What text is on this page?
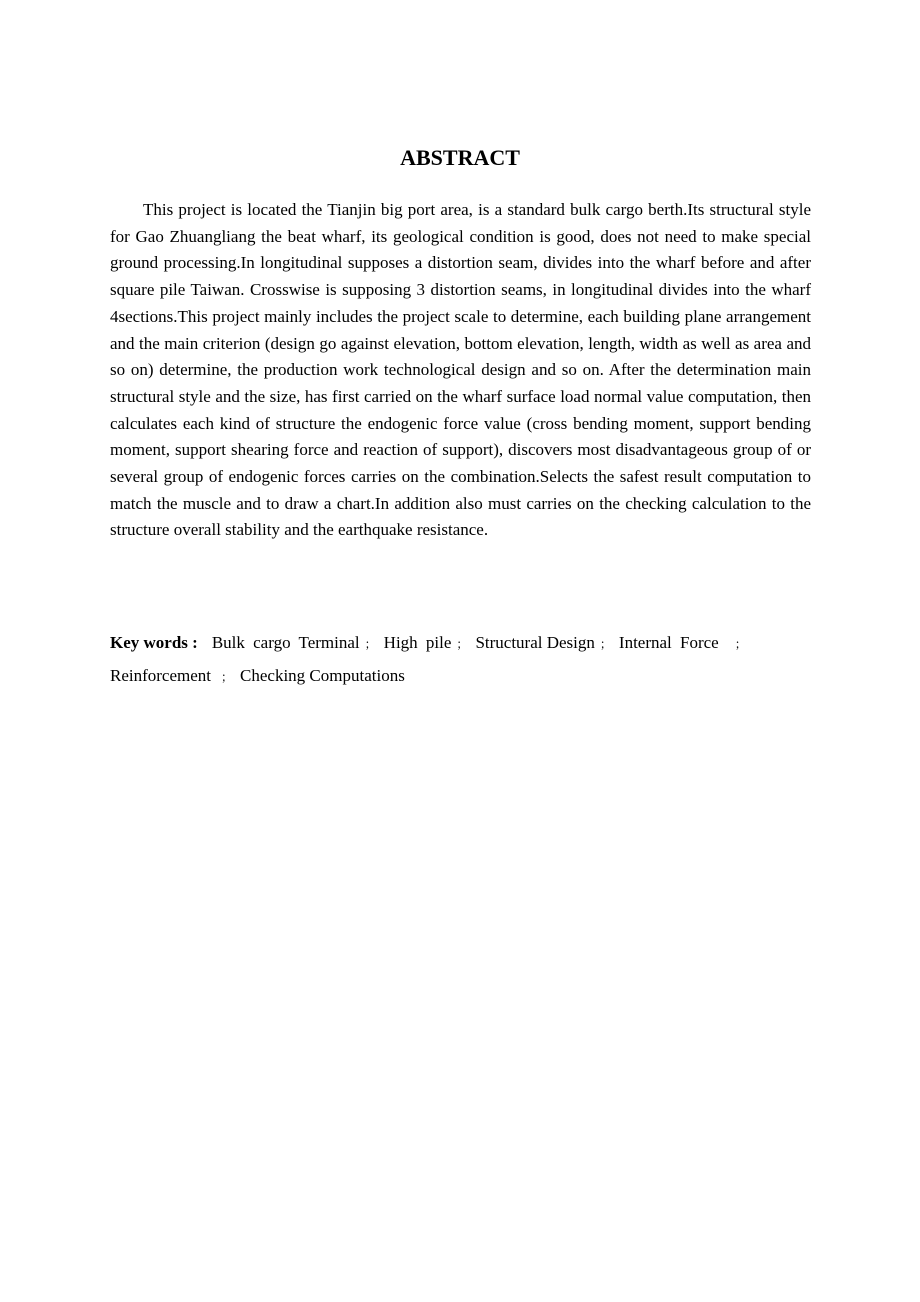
ABSTRACT

This project is located the Tianjin big port area, is a standard bulk cargo berth.Its structural style for Gao Zhuangliang the beat wharf, its geological condition is good, does not need to make special ground processing.In longitudinal supposes a distortion seam, divides into the wharf before and after square pile Taiwan. Crosswise is supposing 3 distortion seams, in longitudinal divides into the wharf 4sections.This project mainly includes the project scale to determine, each building plane arrangement and the main criterion (design go against elevation, bottom elevation, length, width as well as area and so on) determine, the production work technological design and so on. After the determination main structural style and the size, has first carried on the wharf surface load normal value computation, then calculates each kind of structure the endogenic force value (cross bending moment, support bending moment, support shearing force and reaction of support), discovers most disadvantageous group of or several group of endogenic forces carries on the combination.Selects the safest result computation to match the muscle and to draw a chart.In addition also must carries on the checking calculation to the structure overall stability and the earthquake resistance.

Key words : Bulk cargo Terminal ； High pile ； Structural Design ； Internal Force ；
Reinforcement ； Checking Computations
